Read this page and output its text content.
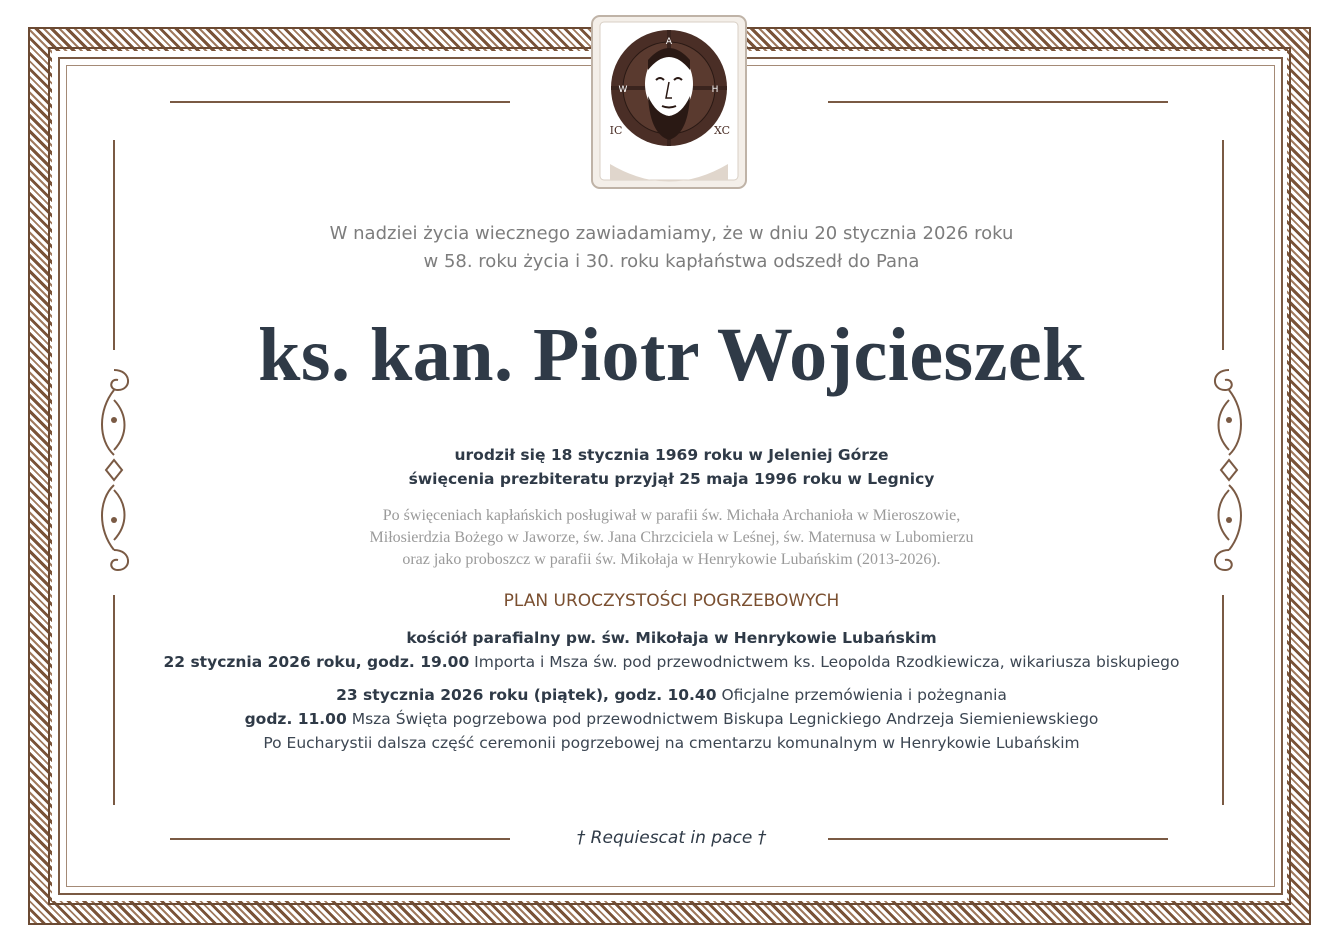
A
W	H
IC	XC
W nadziei życia wiecznego zawiadamiamy, że w dniu 20 stycznia 2026 roku
w 58. roku życia i 30. roku kapłaństwa odszedł do Pana
ks. kan. Piotr Wojcieszek
urodził się 18 stycznia 1969 roku w Jeleniej Górze
święcenia prezbiteratu przyjął 25 maja 1996 roku w Legnicy
Po święceniach kapłańskich posługiwał w parafii św. Michała Archanioła w Mieroszowie,
Miłosierdzia Bożego w Jaworze, św. Jana Chrzciciela w Leśnej, św. Maternusa w Lubomierzu
oraz jako proboszcz w parafii św. Mikołaja w Henrykowie Lubańskim (2013-2026).
PLAN UROCZYSTOŚCI POGRZEBOWYCH
kościół parafialny pw. św. Mikołaja w Henrykowie Lubańskim
22 stycznia 2026 roku, godz. 19.00 Importa i Msza św. pod przewodnictwem ks. Leopolda Rzodkiewicza, wikariusza biskupiego
23 stycznia 2026 roku (piątek), godz. 10.40 Oficjalne przemówienia i pożegnania
godz. 11.00 Msza Święta pogrzebowa pod przewodnictwem Biskupa Legnickiego Andrzeja Siemieniewskiego
Po Eucharystii dalsza część ceremonii pogrzebowej na cmentarzu komunalnym w Henrykowie Lubańskim
† Requiescat in pace †
